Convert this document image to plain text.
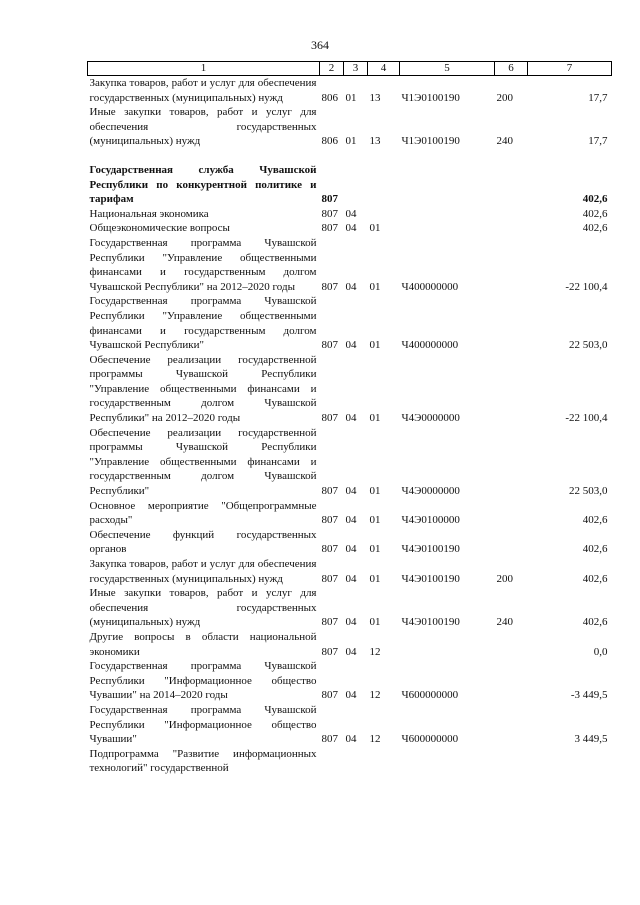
364
1	2	3	4	5	6	7
Закупка товаров, работ и услуг для обеспечения государственных (муниципальных) нужд	806	01	13	Ч1Э0100190	200	17,7
Иные закупки товаров, работ и услуг для обеспечения государственных (муниципальных) нужд	806	01	13	Ч1Э0100190	240	17,7

Государственная служба Чувашской Республики по конкурентной политике и тарифам	807					402,6
Национальная экономика	807	04				402,6
Общеэкономические вопросы	807	04	01			402,6
Государственная программа Чувашской Республики "Управление общественными финансами и государственным долгом Чувашской Республики" на 2012–2020 годы	807	04	01	Ч400000000		-22 100,4
Государственная программа Чувашской Республики "Управление общественными финансами и государственным долгом Чувашской Республики"	807	04	01	Ч400000000		22 503,0
Обеспечение реализации государственной программы Чувашской Республики "Управление общественными финансами и государственным долгом Чувашской Республики" на 2012–2020 годы	807	04	01	Ч4Э0000000		-22 100,4
Обеспечение реализации государственной программы Чувашской Республики "Управление общественными финансами и государственным долгом Чувашской Республики"	807	04	01	Ч4Э0000000		22 503,0
Основное мероприятие "Общепрограммные расходы"	807	04	01	Ч4Э0100000		402,6
Обеспечение функций государственных органов	807	04	01	Ч4Э0100190		402,6
Закупка товаров, работ и услуг для обеспечения государственных (муниципальных) нужд	807	04	01	Ч4Э0100190	200	402,6
Иные закупки товаров, работ и услуг для обеспечения государственных (муниципальных) нужд	807	04	01	Ч4Э0100190	240	402,6
Другие вопросы в области национальной экономики	807	04	12			0,0
Государственная программа Чувашской Республики "Информационное общество Чувашии" на 2014–2020 годы	807	04	12	Ч600000000		-3 449,5
Государственная программа Чувашской Республики "Информационное общество Чувашии"	807	04	12	Ч600000000		3 449,5
Подпрограмма "Развитие информационных технологий" государственной						
